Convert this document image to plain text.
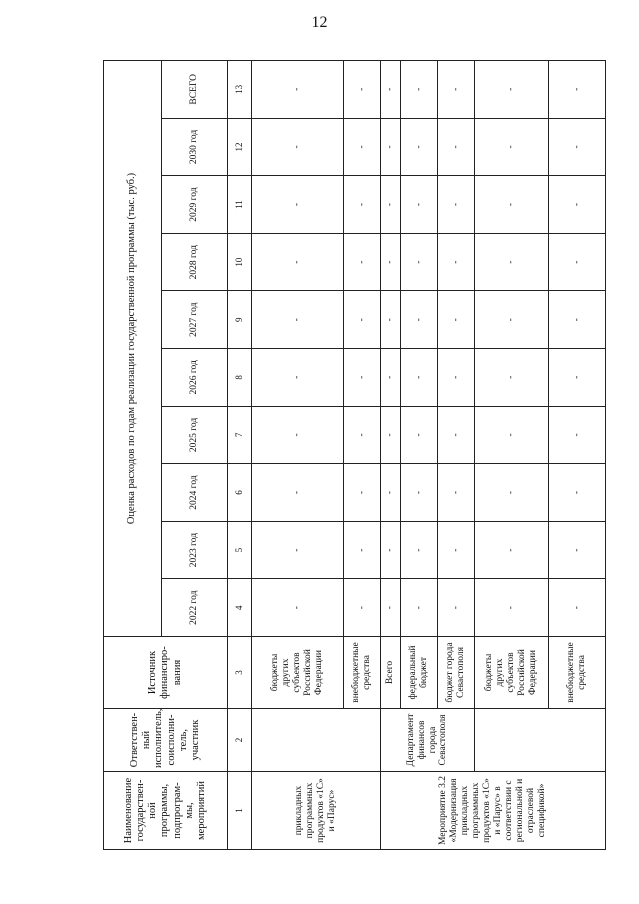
12
Наименование государствен-ной программы, подпрограм-мы, мероприятий	Ответствен-ный исполнитель, соисполни-тель, участник	Источник финансиро-вания	Оценка расходов по годам реализации государственной программы (тыс. руб.)									
			2022 год	2023 год	2024 год	2025 год	2026 год	2027 год	2028 год	2029 год	2030 год	ВСЕГО
1	2	3	4	5	6	7	8	9	10	11	12	13
прикладных программных продуктов «1С» и «Парус»		бюджеты других субъектов Российской Федерации	-	-	-	-	-	-	-	-	-	-
		внебюджетные средства	-	-	-	-	-	-	-	-	-	-
Мероприятие 3.2 «Модернизация прикладных программных продуктов «1С» и «Парус» в соответствии с региональной и отраслевой спецификой»	Департамент финансов города Севастополя	Всего	-	-	-	-	-	-	-	-	-	-
		федеральный бюджет	-	-	-	-	-	-	-	-	-	-
		бюджет города Севастополя	-	-	-	-	-	-	-	-	-	-
		бюджеты других субъектов Российской Федерации	-	-	-	-	-	-	-	-	-	-
		внебюджетные средства	-	-	-	-	-	-	-	-	-	-
